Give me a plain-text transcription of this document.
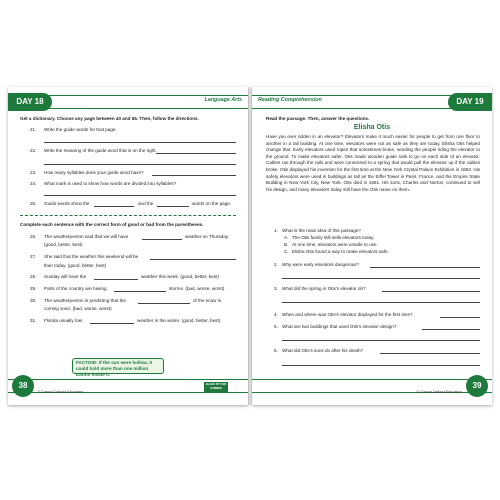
Language Arts
DAY 18
Get a dictionary. Choose any page between 40 and 55. Then, follow the directions.
21. Write the guide words for that page.
22. Write the meaning of the guide word that is on the right.
23. How many syllables does your guide word have?
24. What mark is used to show how words are divided into syllables?
25. Guide words show the	and the	words on the page.
Complete each sentence with the correct form of good or bad from the parentheses.
26. The weatherperson said that we will have	weather on Thursday.
(good, better, best)
27. She said that the weather this weekend will be
than today. (good, better, best)
28. Sunday will have the	weather this week. (good, better, best)
29. Parts of the country are having	storms. (bad, worse, worst)
30. The weatherperson is predicting that the	of the snow is
coming soon. (bad, worse, worst)
31. Florida usually has	weather in the winter. (good, better, best)
FACTOID: If the sun were hollow, it could hold more than one million Earths inside it.
38
© Carson-Dellosa Education
BLACK FIT FOR SUMMER
Reading Comprehension	DAY 19
Read the passage. Then, answer the questions.
Elisha Otis
Have you ever ridden in an elevator? Elevators make it much easier for people to get from one floor to another in a tall building. At one time, elevators were not as safe as they are today. Elisha Otis helped change that. Early elevators used ropes that sometimes broke, sending the people riding the elevator to the ground. To make elevators safer, Otis made wooden guide rails to go on each side of an elevator. Cables ran through the rails and were connected to a spring that would pull the elevator up if the cables broke. Otis displayed his invention for the first time at the New York Crystal Palace Exhibition in 1853. His safety elevators were used in buildings as tall as the Eiffel Tower in Paris, France, and the Empire State Building in New York City, New York. Otis died in 1861. His sons, Charles and Norton, continued to sell his design, and many elevators today still have the Otis name on them.
1. What is the main idea of this passage?
A. The Otis family still sells elevators today.
B. At one time, elevators were unsafe to use.
C. Elisha Otis found a way to make elevators safe.
2. Why were early elevators dangerous?
3. What did the spring in Otis's elevator do?
4. When and where was Otis's elevator displayed for the first time?
5. What are two buildings that used Otis's elevator design?
6. What did Otis's sons do after his death?
39
© Carson-Dellosa Education
